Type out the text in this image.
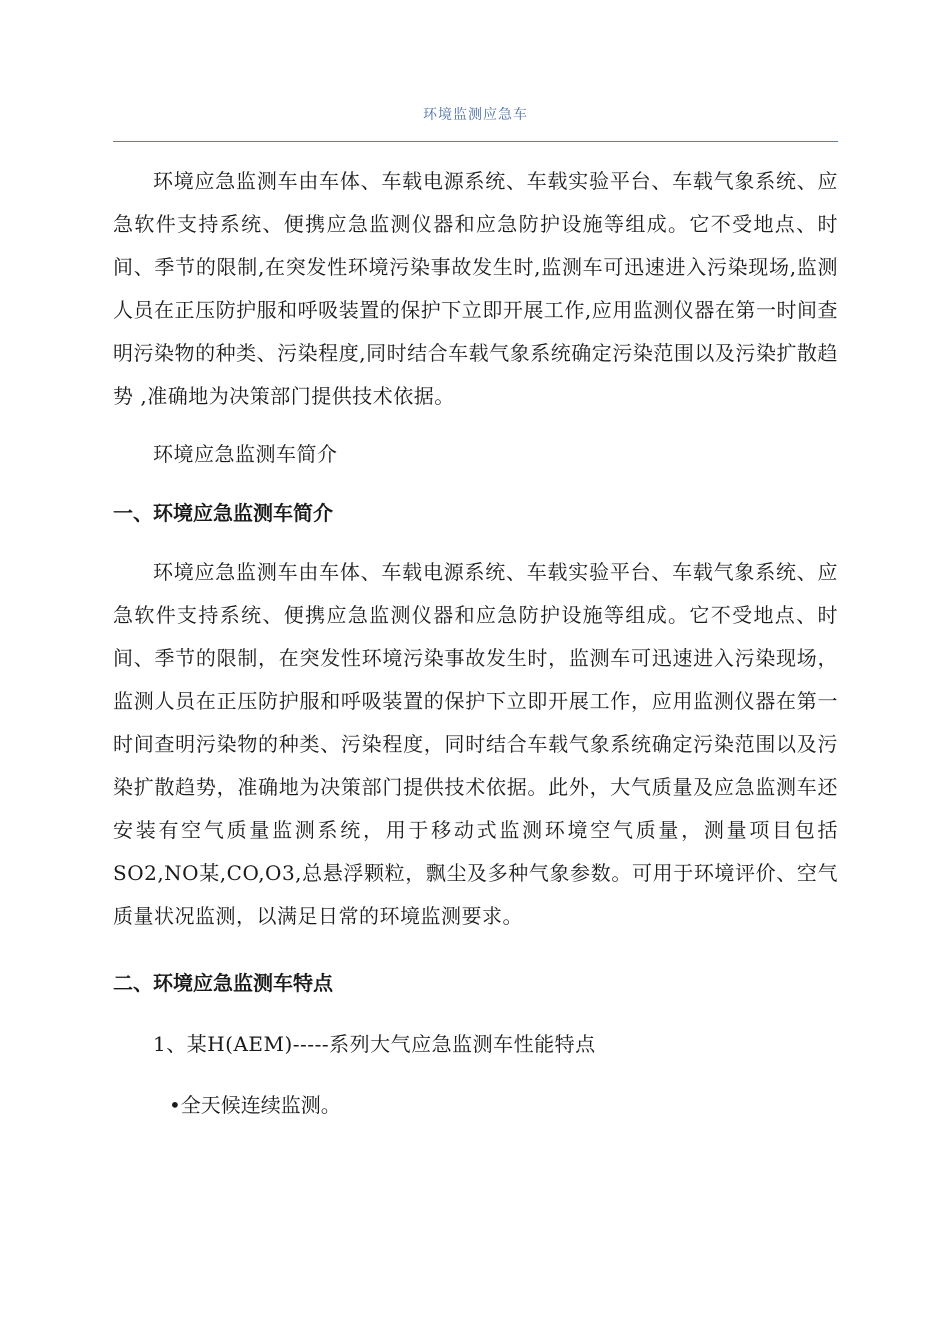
环境监测应急车

环境应急监测车由车体、车载电源系统、车载实验平台、车载气象系统、应急软件支持系统、便携应急监测仪器和应急防护设施等组成。它不受地点、时间、季节的限制,在突发性环境污染事故发生时,监测车可迅速进入污染现场,监测人员在正压防护服和呼吸装置的保护下立即开展工作,应用监测仪器在第一时间查明污染物的种类、污染程度,同时结合车载气象系统确定污染范围以及污染扩散趋势 ,准确地为决策部门提供技术依据。

环境应急监测车简介

一、环境应急监测车简介

环境应急监测车由车体、车载电源系统、车载实验平台、车载气象系统、应急软件支持系统、便携应急监测仪器和应急防护设施等组成。它不受地点、时间、季节的限制，在突发性环境污染事故发生时，监测车可迅速进入污染现场，监测人员在正压防护服和呼吸装置的保护下立即开展工作，应用监测仪器在第一时间查明污染物的种类、污染程度，同时结合车载气象系统确定污染范围以及污染扩散趋势，准确地为决策部门提供技术依据。此外，大气质量及应急监测车还安装有空气质量监测系统，用于移动式监测环境空气质量，测量项目包括SO2,NO某,CO,O3,总悬浮颗粒，飘尘及多种气象参数。可用于环境评价、空气质量状况监测，以满足日常的环境监测要求。

二、环境应急监测车特点

1、某H(AEM)-----系列大气应急监测车性能特点

•全天候连续监测。
